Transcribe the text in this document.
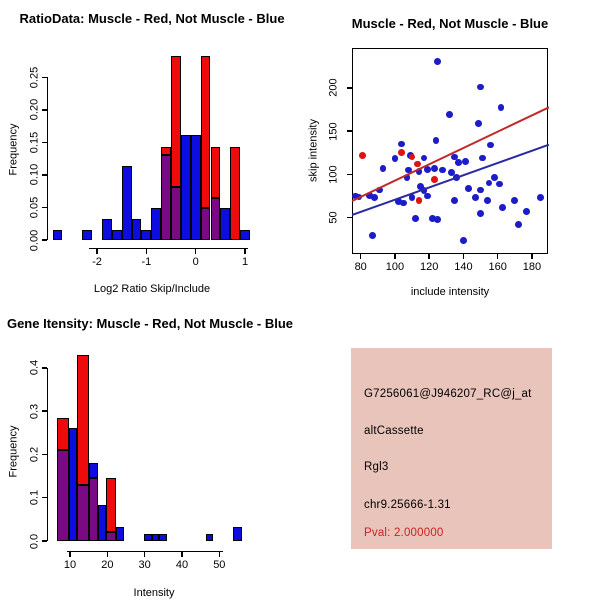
RatioData: Muscle - Red, Not Muscle - Blue
Log2 Ratio Skip/Include
Frequency
Muscle - Red, Not Muscle - Blue
include intensity
skip intensity
Gene Itensity: Muscle - Red, Not Muscle - Blue
Intensity
Frequency
G7256061@J946207_RC@j_at
altCassette
Rgl3
chr9.25666-1.31
Pval: 2.000000
-2	-1	0	1
0.00
0.05
0.10
0.15
0.20
0.25
80	100	120	140	160	180
50
100
150
200
10	20	30	40	50
0.0
0.1
0.2
0.3
0.4
